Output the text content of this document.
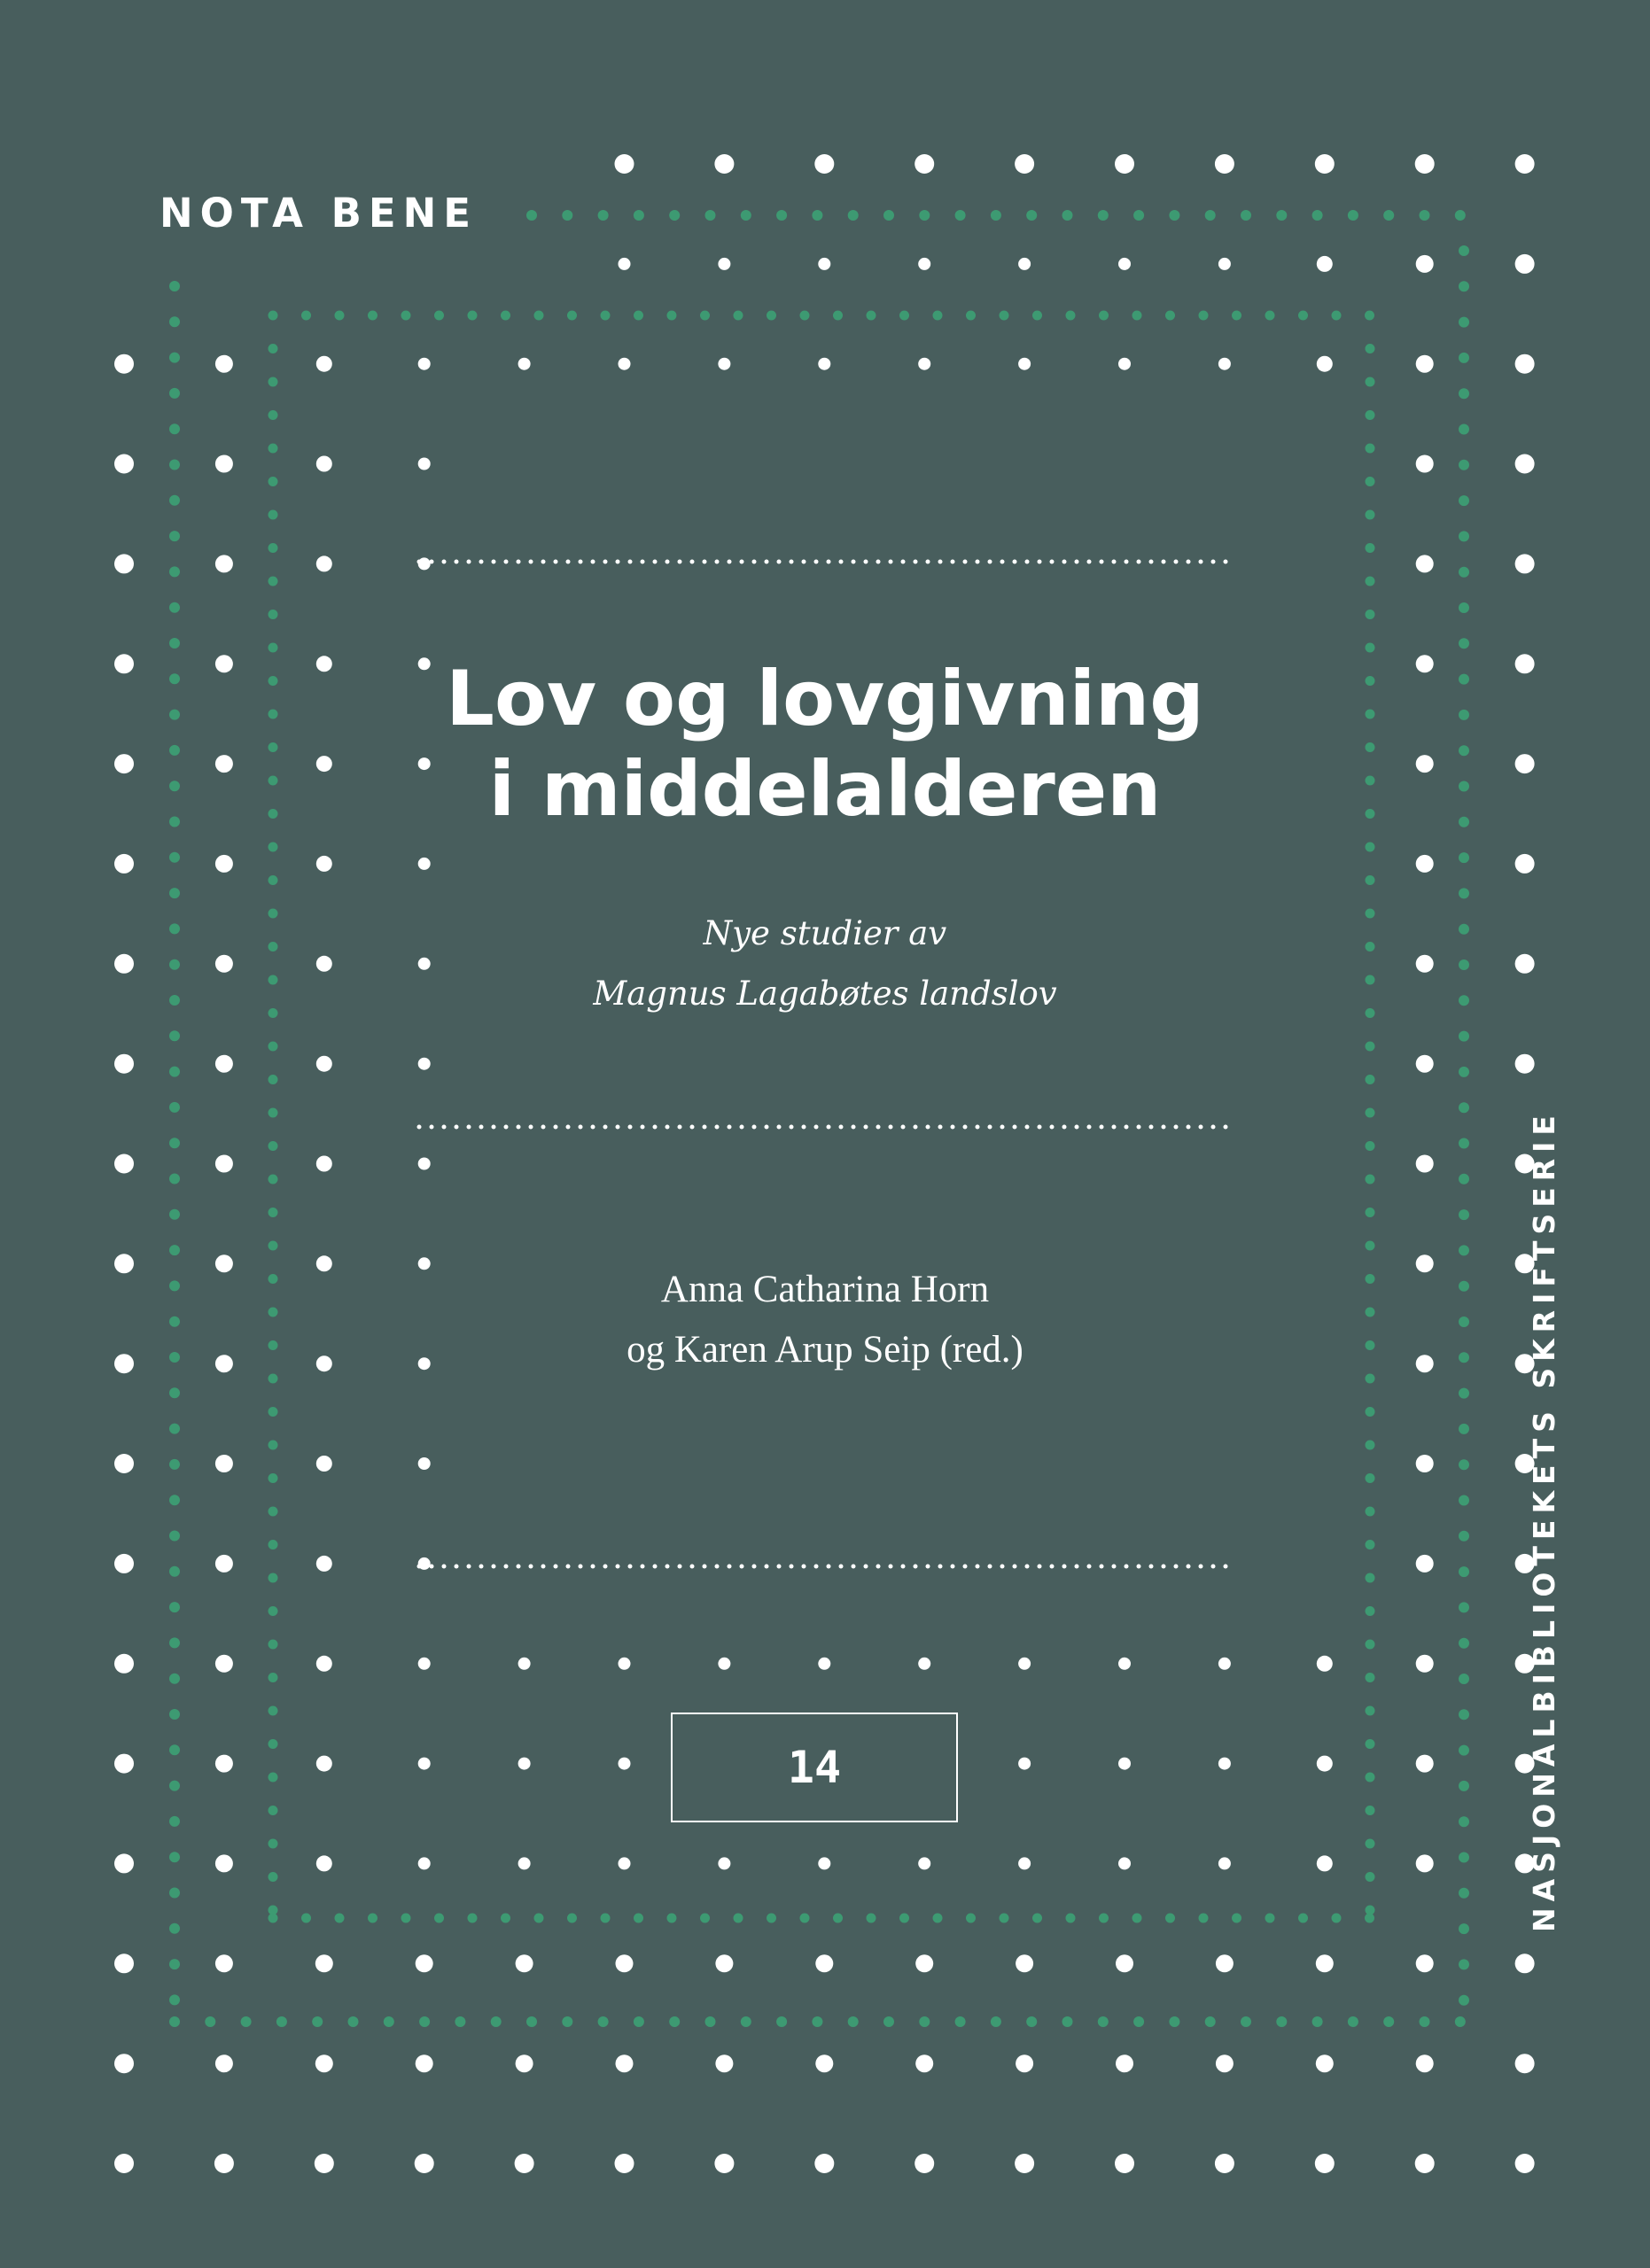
NOTA BENE
NASJONALBIBLIOTEKETS SKRIFTSERIE
Lov og lovgivning
i middelalderen
Nye studier av
Magnus Lagabøtes landslov
Anna Catharina Horn
og Karen Arup Seip (red.)
14
